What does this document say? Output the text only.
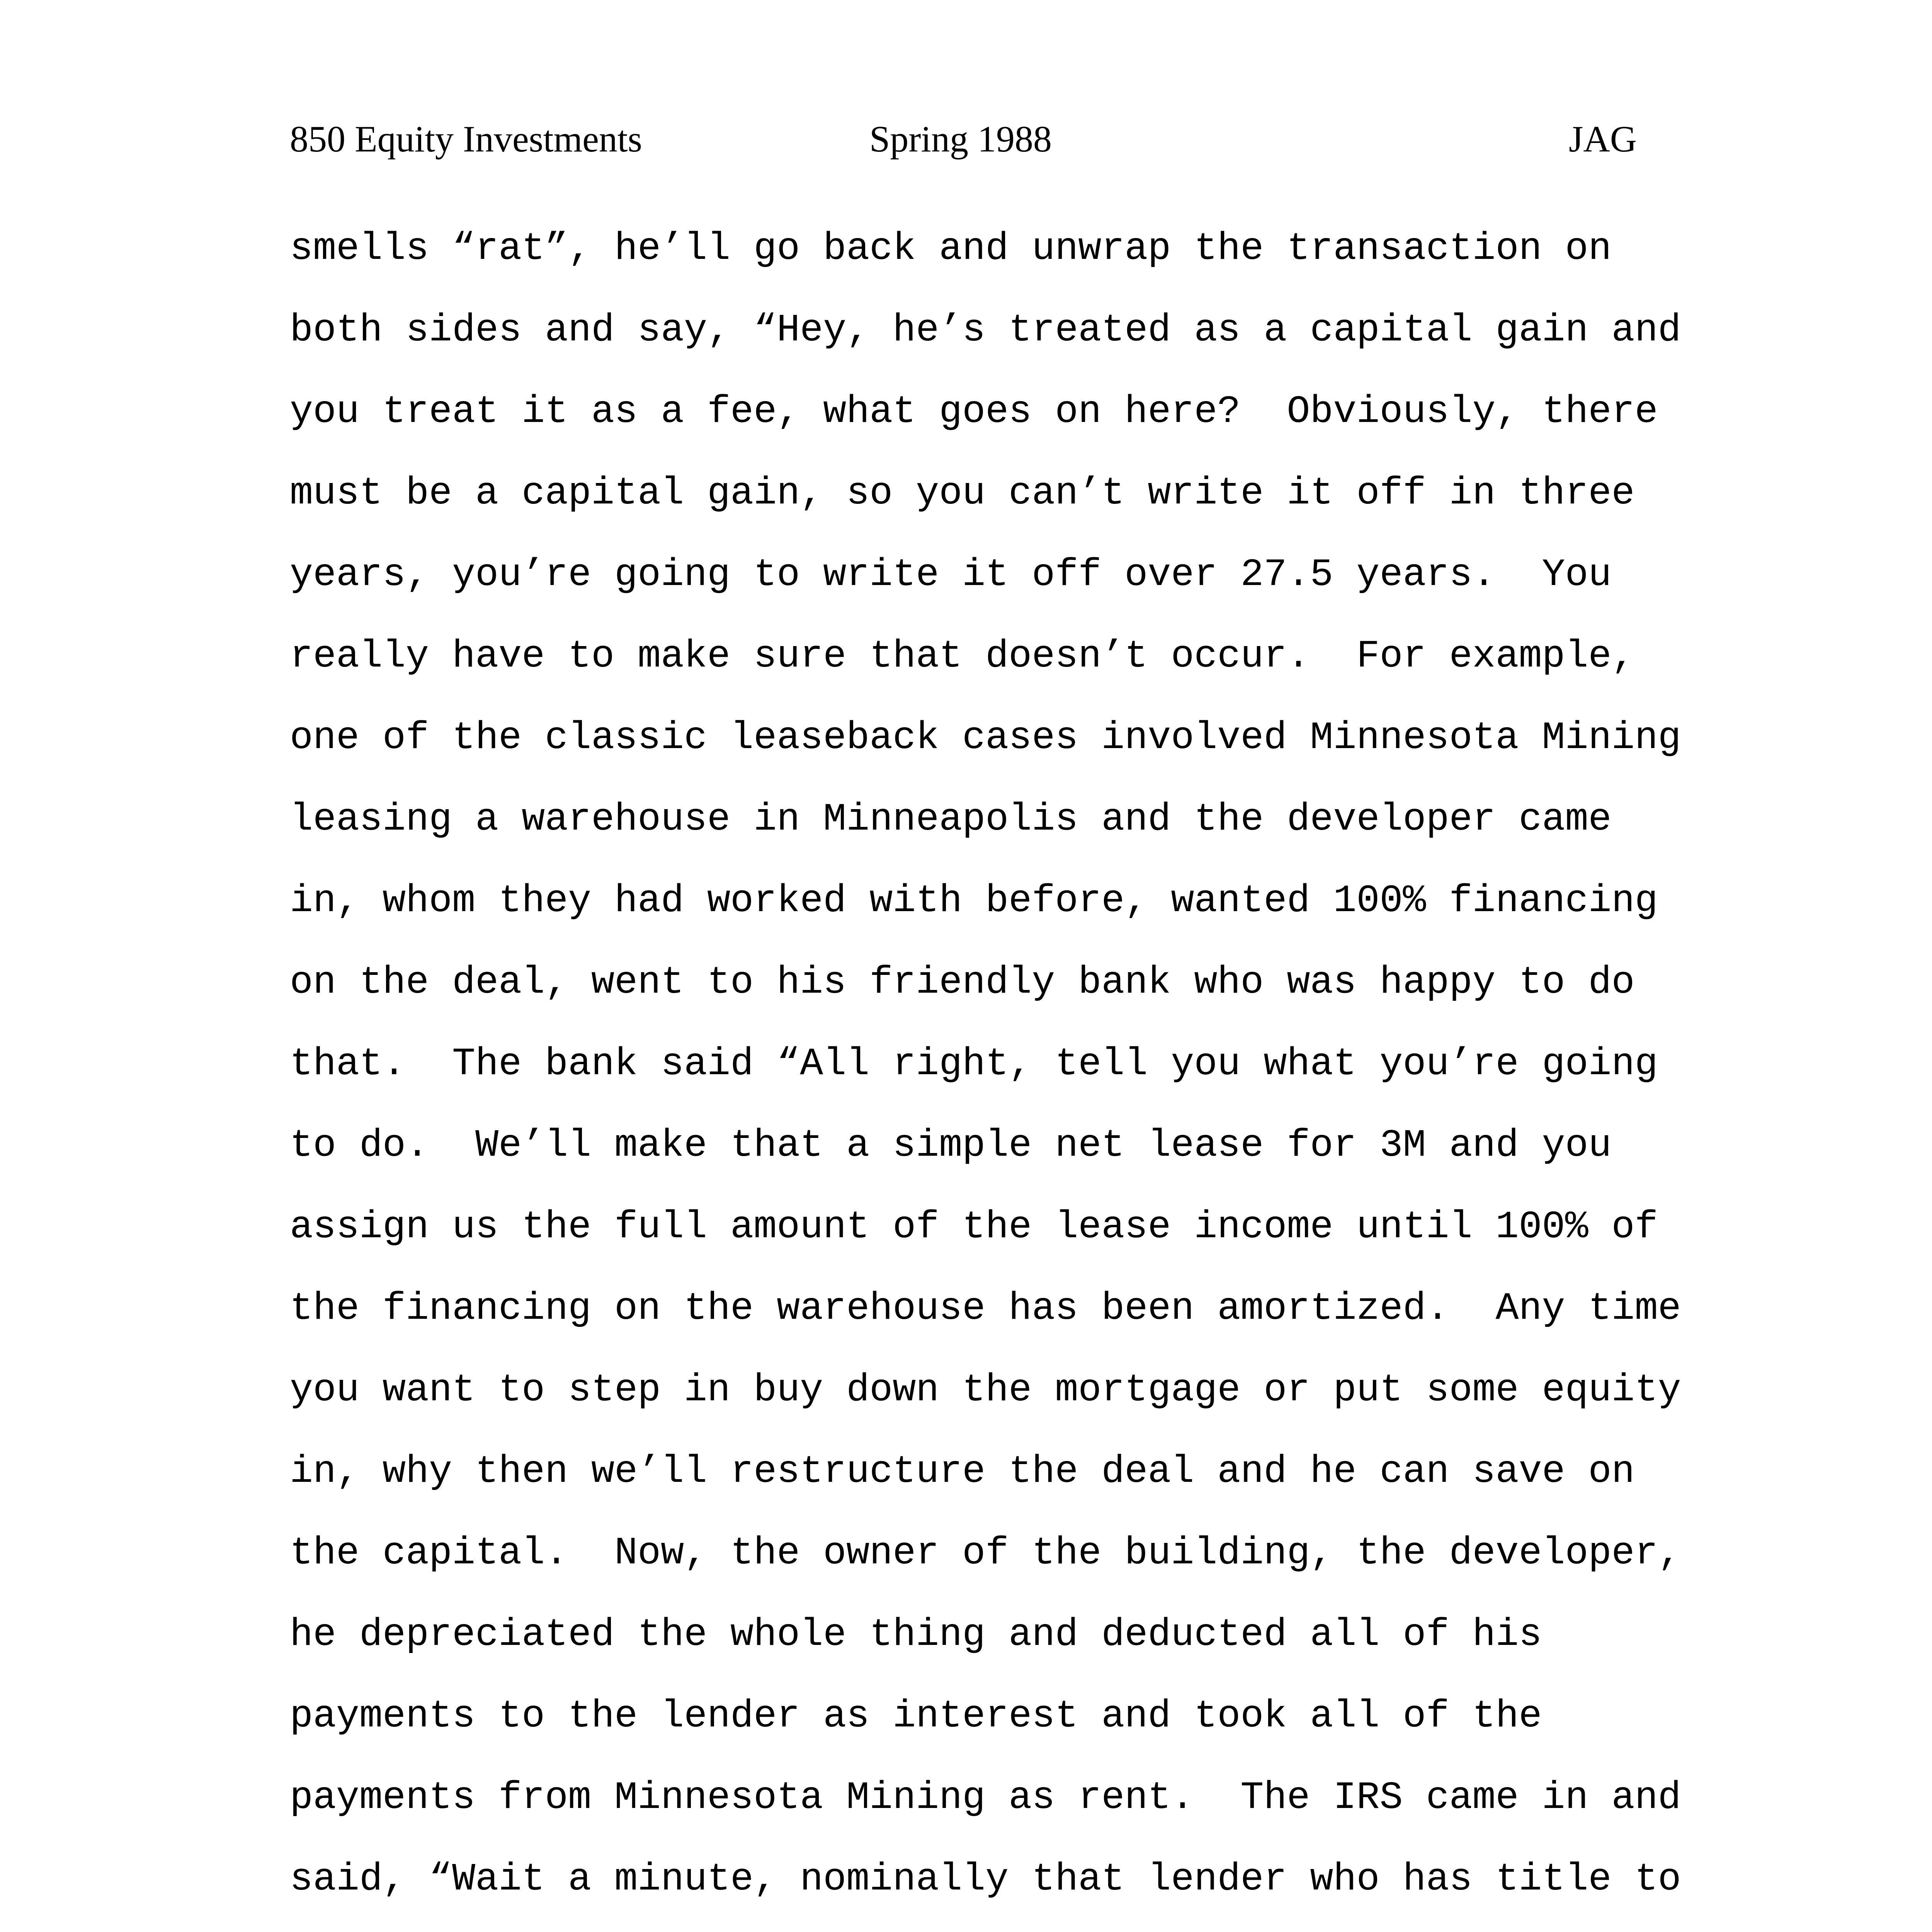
850 Equity Investments	Spring 1988	JAG
smells “rat”, he’ll go back and unwrap the transaction on
both sides and say, “Hey, he’s treated as a capital gain and
you treat it as a fee, what goes on here?  Obviously, there
must be a capital gain, so you can’t write it off in three
years, you’re going to write it off over 27.5 years.  You
really have to make sure that doesn’t occur.  For example,
one of the classic leaseback cases involved Minnesota Mining
leasing a warehouse in Minneapolis and the developer came
in, whom they had worked with before, wanted 100% financing
on the deal, went to his friendly bank who was happy to do
that.  The bank said “All right, tell you what you’re going
to do.  We’ll make that a simple net lease for 3M and you
assign us the full amount of the lease income until 100% of
the financing on the warehouse has been amortized.  Any time
you want to step in buy down the mortgage or put some equity
in, why then we’ll restructure the deal and he can save on
the capital.  Now, the owner of the building, the developer,
he depreciated the whole thing and deducted all of his
payments to the lender as interest and took all of the
payments from Minnesota Mining as rent.  The IRS came in and
said, “Wait a minute, nominally that lender who has title to
